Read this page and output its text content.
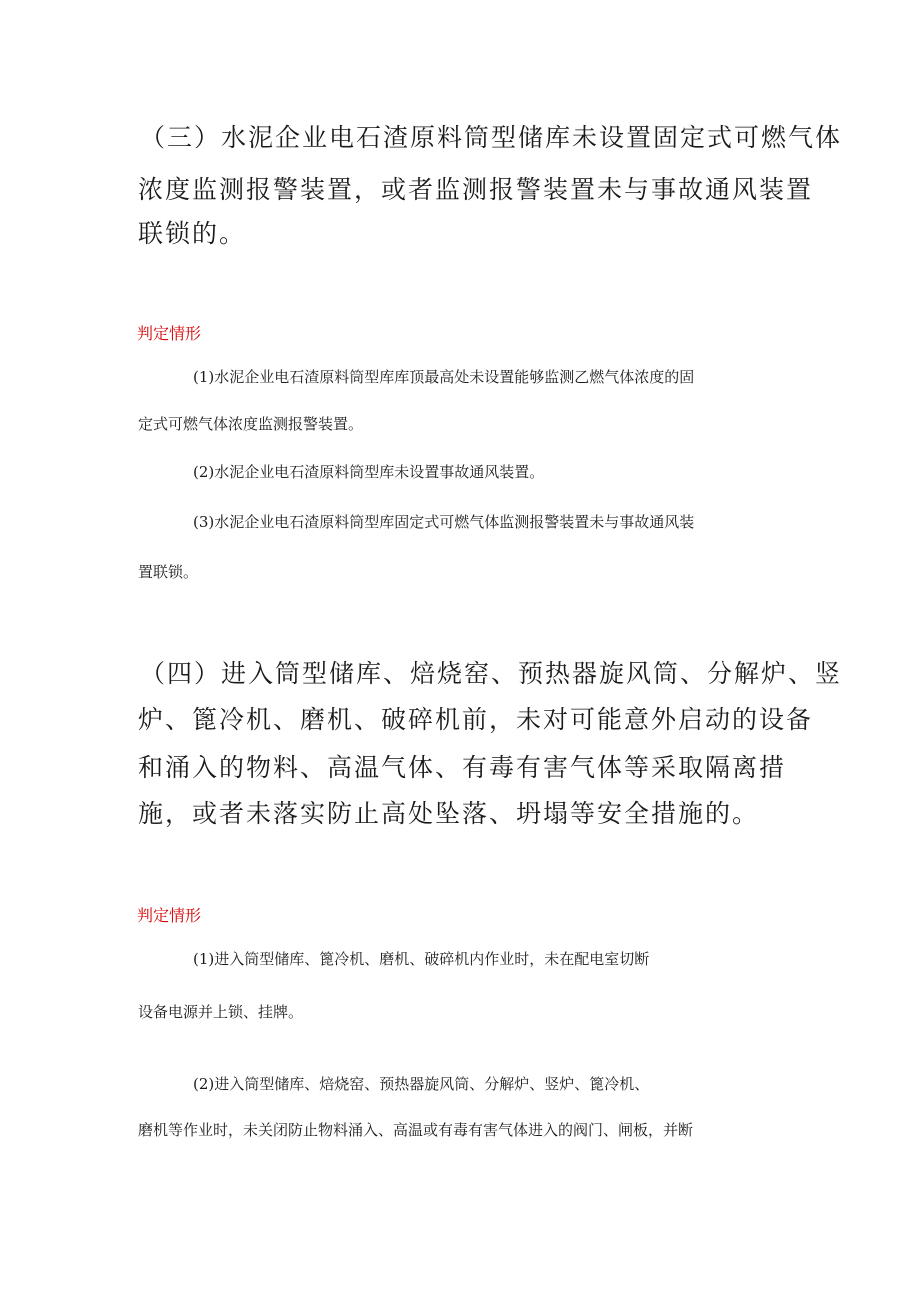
（三）水泥企业电石渣原料筒型储库未设置固定式可燃气体

浓度监测报警装置，或者监测报警装置未与事故通风装置

联锁的。

判定情形

(1)水泥企业电石渣原料筒型库库顶最高处未设置能够监测乙燃气体浓度的固

定式可燃气体浓度监测报警装置。

(2)水泥企业电石渣原料筒型库未设置事故通风装置。

(3)水泥企业电石渣原料筒型库固定式可燃气体监测报警装置未与事故通风装

置联锁。

（四）进入筒型储库、焙烧窑、预热器旋风筒、分解炉、竖

炉、篦冷机、磨机、破碎机前，未对可能意外启动的设备

和涌入的物料、高温气体、有毒有害气体等采取隔离措

施，或者未落实防止高处坠落、坍塌等安全措施的。

判定情形

(1)进入筒型储库、篦冷机、磨机、破碎机内作业时，未在配电室切断

设备电源并上锁、挂牌。

(2)进入筒型储库、焙烧窑、预热器旋风筒、分解炉、竖炉、篦冷机、

磨机等作业时，未关闭防止物料涌入、高温或有毒有害气体进入的阀门、闸板，并断
